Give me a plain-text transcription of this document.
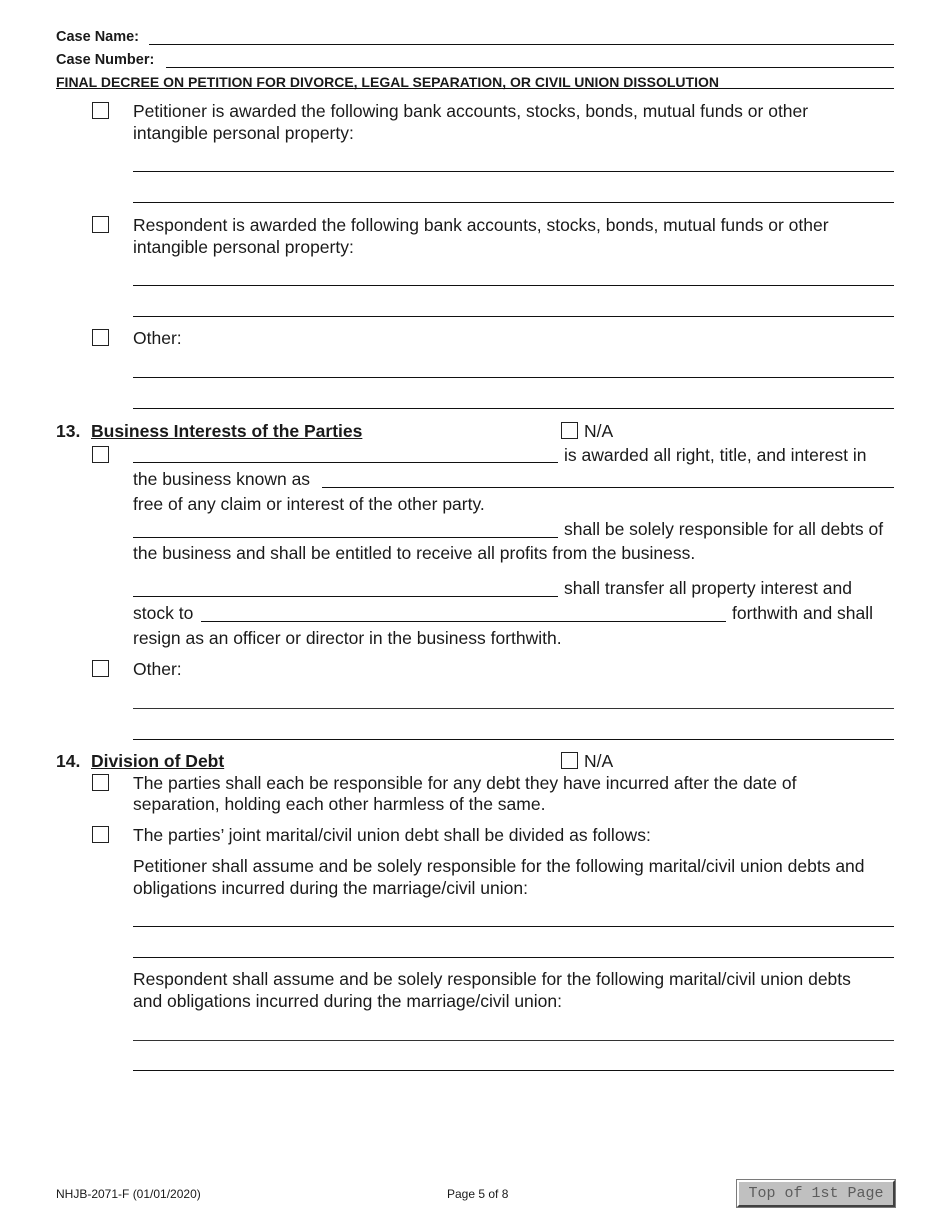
Case Name:
Case Number:
FINAL DECREE ON PETITION FOR DIVORCE, LEGAL SEPARATION, OR CIVIL UNION DISSOLUTION
Petitioner is awarded the following bank accounts, stocks, bonds, mutual funds or other
intangible personal property:
Respondent is awarded the following bank accounts, stocks, bonds, mutual funds or other
intangible personal property:
Other:
13. Business Interests of the Parties	N/A
is awarded all right, title, and interest in
the business known as
free of any claim or interest of the other party.
shall be solely responsible for all debts of
the business and shall be entitled to receive all profits from the business.
shall transfer all property interest and
stock to	forthwith and shall
resign as an officer or director in the business forthwith.
Other:
14. Division of Debt	N/A
The parties shall each be responsible for any debt they have incurred after the date of
separation, holding each other harmless of the same.
The parties’ joint marital/civil union debt shall be divided as follows:
Petitioner shall assume and be solely responsible for the following marital/civil union debts and
obligations incurred during the marriage/civil union:
Respondent shall assume and be solely responsible for the following marital/civil union debts
and obligations incurred during the marriage/civil union:
NHJB-2071-F (01/01/2020)	Page 5 of 8	Top of 1st Page
